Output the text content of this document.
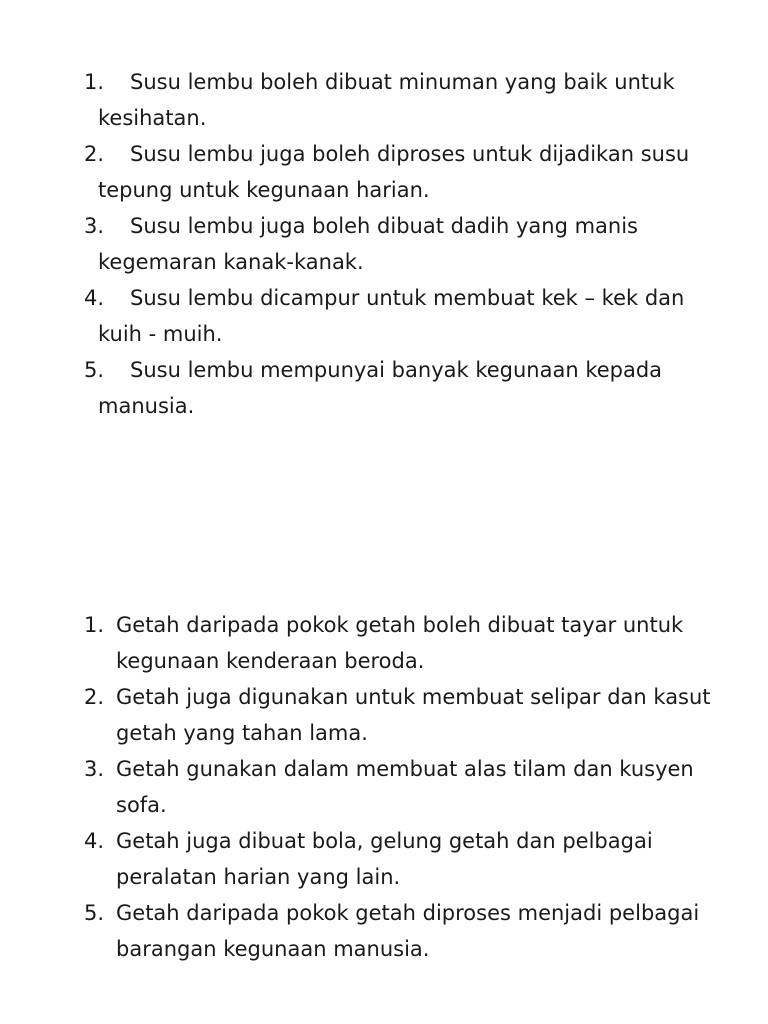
1. Susu lembu boleh dibuat minuman yang baik untuk
kesihatan.
2. Susu lembu juga boleh diproses untuk dijadikan susu
tepung untuk kegunaan harian.
3. Susu lembu juga boleh dibuat dadih yang manis
kegemaran kanak-kanak.
4. Susu lembu dicampur untuk membuat kek – kek dan
kuih - muih.
5. Susu lembu mempunyai banyak kegunaan kepada
manusia.
1. Getah daripada pokok getah boleh dibuat tayar untuk
kegunaan kenderaan beroda.
2. Getah juga digunakan untuk membuat selipar dan kasut
getah yang tahan lama.
3. Getah gunakan dalam membuat alas tilam dan kusyen
sofa.
4. Getah juga dibuat bola, gelung getah dan pelbagai
peralatan harian yang lain.
5. Getah daripada pokok getah diproses menjadi pelbagai
barangan kegunaan manusia.
